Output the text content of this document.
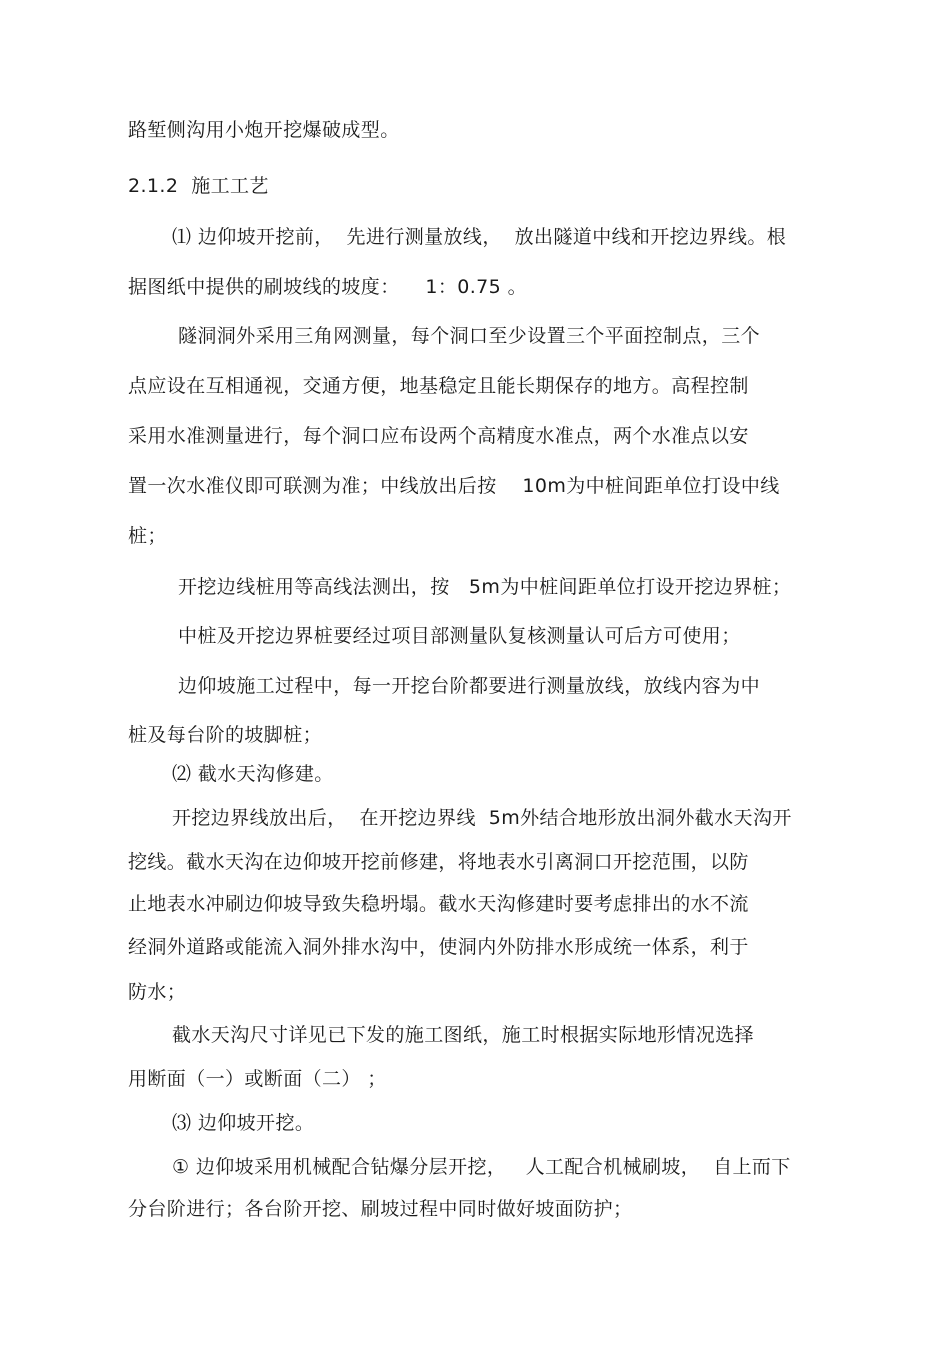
路堑侧沟用小炮开挖爆破成型。
2.1.2  施工工艺
⑴ 边仰坡开挖前，  先进行测量放线，  放出隧道中线和开挖边界线。根
据图纸中提供的刷坡线的坡度：    1：0.75 。
隧洞洞外采用三角网测量，每个洞口至少设置三个平面控制点，三个
点应设在互相通视，交通方便，地基稳定且能长期保存的地方。高程控制
采用水准测量进行，每个洞口应布设两个高精度水准点，两个水准点以安
置一次水准仪即可联测为准；中线放出后按    10m为中桩间距单位打设中线
桩；
开挖边线桩用等高线法测出，按   5m为中桩间距单位打设开挖边界桩；
中桩及开挖边界桩要经过项目部测量队复核测量认可后方可使用；
边仰坡施工过程中，每一开挖台阶都要进行测量放线，放线内容为中
桩及每台阶的坡脚桩；
⑵ 截水天沟修建。
开挖边界线放出后，  在开挖边界线  5m外结合地形放出洞外截水天沟开
挖线。截水天沟在边仰坡开挖前修建，将地表水引离洞口开挖范围，以防
止地表水冲刷边仰坡导致失稳坍塌。截水天沟修建时要考虑排出的水不流
经洞外道路或能流入洞外排水沟中，使洞内外防排水形成统一体系，利于
防水；
截水天沟尺寸详见已下发的施工图纸，施工时根据实际地形情况选择
用断面（一）或断面（二） ；
⑶ 边仰坡开挖。
① 边仰坡采用机械配合钻爆分层开挖，   人工配合机械刷坡，  自上而下
分台阶进行；各台阶开挖、刷坡过程中同时做好坡面防护；
